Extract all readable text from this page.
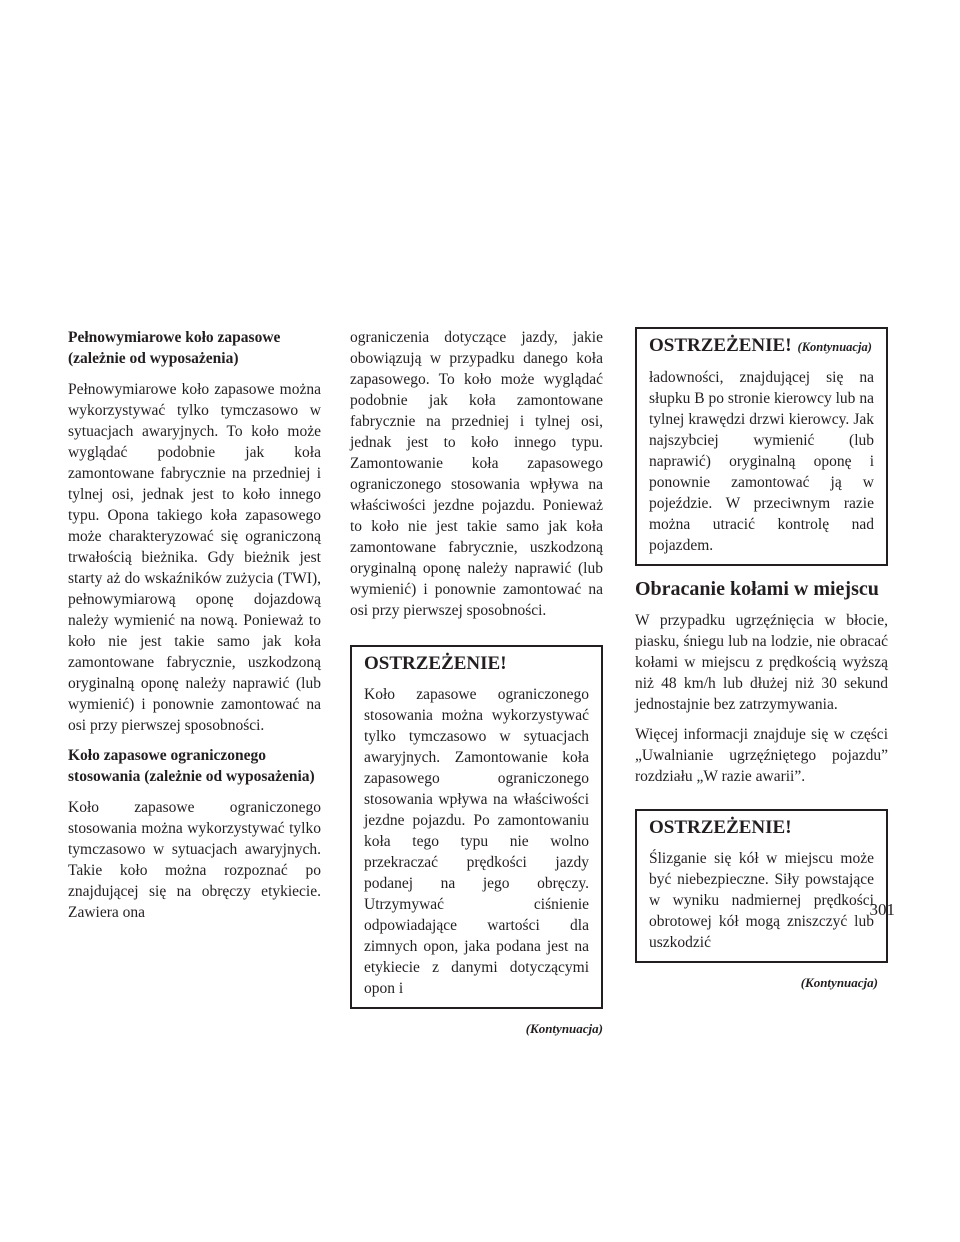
Pełnowymiarowe koło zapasowe (zależnie od wyposażenia)

Pełnowymiarowe koło zapasowe można wykorzystywać tylko tymczasowo w sytuacjach awaryjnych. To koło może wyglądać podobnie jak koła zamontowane fabrycznie na przedniej i tylnej osi, jednak jest to koło innego typu. Opona takiego koła zapasowego może charakteryzować się ograniczoną trwałością bieżnika. Gdy bieżnik jest starty aż do wskaźników zużycia (TWI), pełnowymiarową oponę dojazdową należy wymienić na nową. Ponieważ to koło nie jest takie samo jak koła zamontowane fabrycznie, uszkodzoną oryginalną oponę należy naprawić (lub wymienić) i ponownie zamontować na osi przy pierwszej sposobności.

Koło zapasowe ograniczonego stosowania (zależnie od wyposażenia)

Koło zapasowe ograniczonego stosowania można wykorzystywać tylko tymczasowo w sytuacjach awaryjnych. Takie koło można rozpoznać po znajdującej się na obręczy etykiecie. Zawiera ona

ograniczenia dotyczące jazdy, jakie obowiązują w przypadku danego koła zapasowego. To koło może wyglądać podobnie jak koła zamontowane fabrycznie na przedniej i tylnej osi, jednak jest to koło innego typu. Zamontowanie koła zapasowego ograniczonego stosowania wpływa na właściwości jezdne pojazdu. Ponieważ to koło nie jest takie samo jak koła zamontowane fabrycznie, uszkodzoną oryginalną oponę należy naprawić (lub wymienić) i ponownie zamontować na osi przy pierwszej sposobności.

OSTRZEŻENIE!

Koło zapasowe ograniczonego stosowania można wykorzystywać tylko tymczasowo w sytuacjach awaryjnych. Zamontowanie koła zapasowego ograniczonego stosowania wpływa na właściwości jezdne pojazdu. Po zamontowaniu koła tego typu nie wolno przekraczać prędkości jazdy podanej na jego obręczy. Utrzymywać ciśnienie odpowiadające wartości dla zimnych opon, jaka podana jest na etykiecie z danymi dotyczącymi opon i

(Kontynuacja)

OSTRZEŻENIE! (Kontynuacja)

ładowności, znajdującej się na słupku B po stronie kierowcy lub na tylnej krawędzi drzwi kierowcy. Jak najszybciej wymienić (lub naprawić) oryginalną oponę i ponownie zamontować ją w pojeździe. W przeciwnym razie można utracić kontrolę nad pojazdem.

Obracanie kołami w miejscu

W przypadku ugrzęźnięcia w błocie, piasku, śniegu lub na lodzie, nie obracać kołami w miejscu z prędkością wyższą niż 48 km/h lub dłużej niż 30 sekund jednostajnie bez zatrzymywania.

Więcej informacji znajduje się w części „Uwalnianie ugrzęźniętego pojazdu” rozdziału „W razie awarii”.

OSTRZEŻENIE!

Ślizganie się kół w miejscu może być niebezpieczne. Siły powstające w wyniku nadmiernej prędkości obrotowej kół mogą zniszczyć lub uszkodzić

(Kontynuacja)

301
